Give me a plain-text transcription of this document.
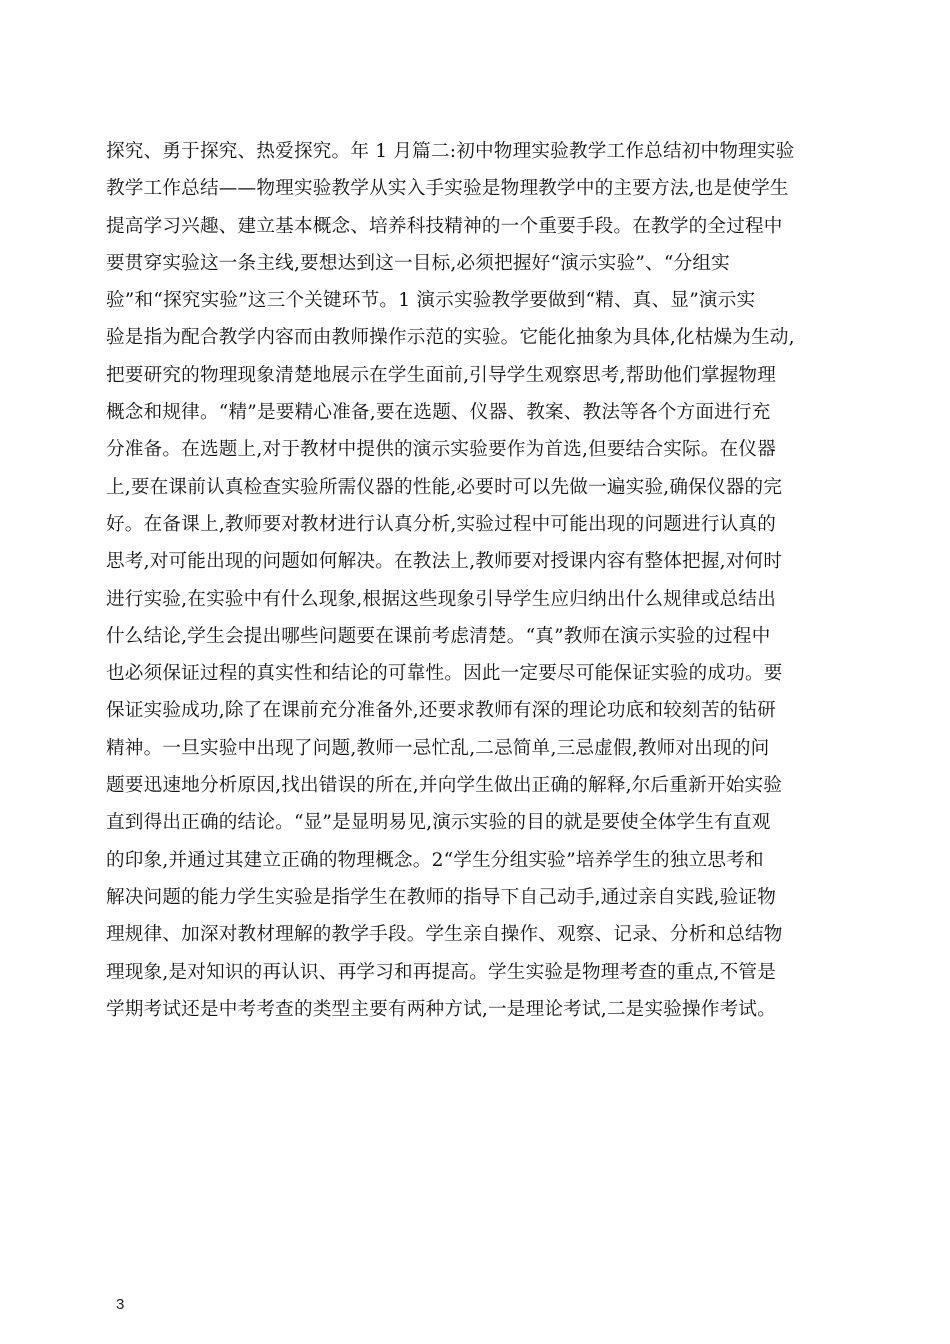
探究、勇于探究、热爱探究。年 1 月篇二:初中物理实验教学工作总结初中物理实验
教学工作总结——物理实验教学从实入手实验是物理教学中的主要方法,也是使学生
提高学习兴趣、建立基本概念、培养科技精神的一个重要手段。在教学的全过程中
要贯穿实验这一条主线,要想达到这一目标,必须把握好“演示实验”、“分组实
验”和“探究实验”这三个关键环节。1 演示实验教学要做到“精、真、显”演示实
验是指为配合教学内容而由教师操作示范的实验。它能化抽象为具体,化枯燥为生动,
把要研究的物理现象清楚地展示在学生面前,引导学生观察思考,帮助他们掌握物理
概念和规律。“精”是要精心准备,要在选题、仪器、教案、教法等各个方面进行充
分准备。在选题上,对于教材中提供的演示实验要作为首选,但要结合实际。在仪器
上,要在课前认真检查实验所需仪器的性能,必要时可以先做一遍实验,确保仪器的完
好。在备课上,教师要对教材进行认真分析,实验过程中可能出现的问题进行认真的
思考,对可能出现的问题如何解决。在教法上,教师要对授课内容有整体把握,对何时
进行实验,在实验中有什么现象,根据这些现象引导学生应归纳出什么规律或总结出
什么结论,学生会提出哪些问题要在课前考虑清楚。“真”教师在演示实验的过程中
也必须保证过程的真实性和结论的可靠性。因此一定要尽可能保证实验的成功。要
保证实验成功,除了在课前充分准备外,还要求教师有深的理论功底和较刻苦的钻研
精神。一旦实验中出现了问题,教师一忌忙乱,二忌简单,三忌虚假,教师对出现的问
题要迅速地分析原因,找出错误的所在,并向学生做出正确的解释,尔后重新开始实验
直到得出正确的结论。“显”是显明易见,演示实验的目的就是要使全体学生有直观
的印象,并通过其建立正确的物理概念。2“学生分组实验”培养学生的独立思考和
解决问题的能力学生实验是指学生在教师的指导下自己动手,通过亲自实践,验证物
理规律、加深对教材理解的教学手段。学生亲自操作、观察、记录、分析和总结物
理现象,是对知识的再认识、再学习和再提高。学生实验是物理考查的重点,不管是
学期考试还是中考考查的类型主要有两种方试,一是理论考试,二是实验操作考试。
3
